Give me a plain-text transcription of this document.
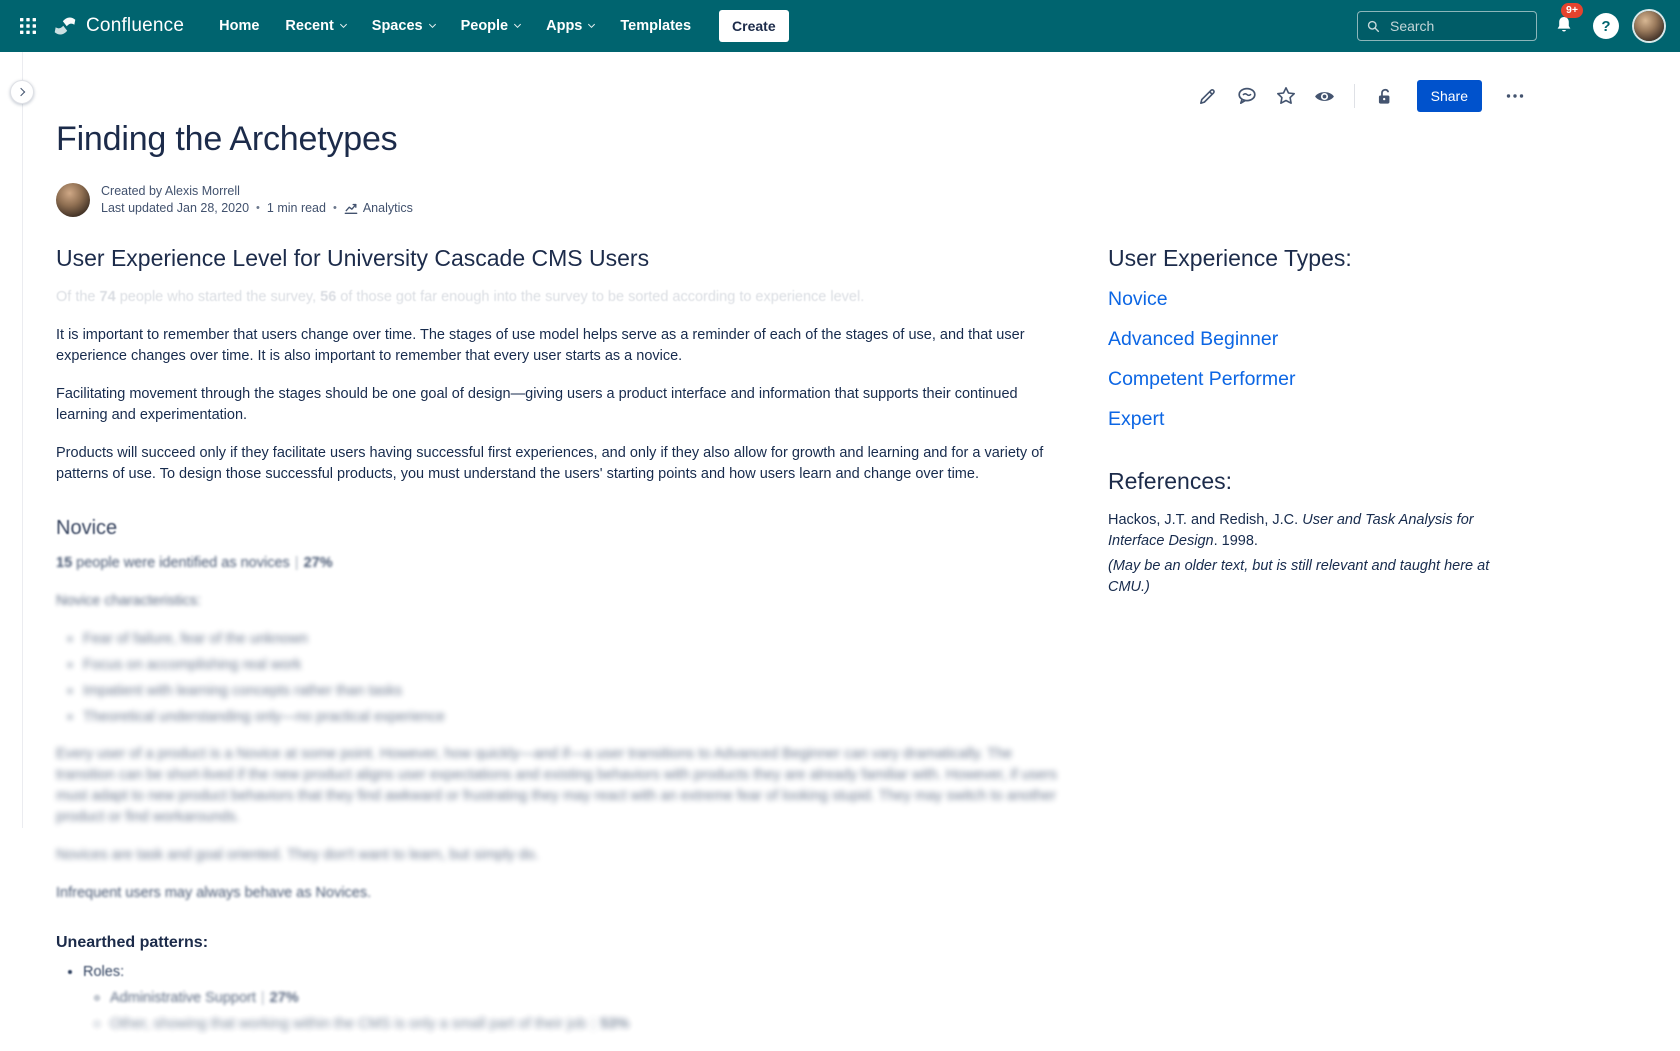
Confluence Home Recent	Spaces	People	Apps	Templates	Create
Search
9+
?
Share
Finding the Archetypes
Created by Alexis Morrell
Last updated Jan 28, 2020 • 1 min read • Analytics
User Experience Level for University Cascade CMS Users

Of the 74 people who started the survey, 56 of those got far enough into the survey to be sorted according to experience level.

It is important to remember that users change over time. The stages of use model helps serve as a reminder of each of the stages of use, and that user experience changes over time. It is also important to remember that every user starts as a novice.

Facilitating movement through the stages should be one goal of design—giving users a product interface and information that supports their continued learning and experimentation.

Products will succeed only if they facilitate users having successful first experiences, and only if they also allow for growth and learning and for a variety of patterns of use. To design those successful products, you must understand the users' starting points and how users learn and change over time.

Novice

15 people were identified as novices | 27%

Novice characteristics:

• Fear of failure, fear of the unknown
• Focus on accomplishing real work
• Impatient with learning concepts rather than tasks
• Theoretical understanding only—no practical experience

Every user of a product is a Novice at some point. However, how quickly—and if—a user transitions to Advanced Beginner can vary dramatically. The transition can be short-lived if the new product aligns user expectations and existing behaviors with products they are already familiar with. However, if users must adapt to new product behaviors that they find awkward or frustrating they may react with an extreme fear of looking stupid. They may switch to another product or find workarounds.

Novices are task and goal oriented. They don't want to learn, but simply do.

Infrequent users may always behave as Novices.

Unearthed patterns:
• Roles:
◦ Administrative Support | 27%
◦ Other, showing that working within the CMS is only a small part of their job | 53%
User Experience Types:
Novice
Advanced Beginner
Competent Performer
Expert
References:

Hackos, J.T. and Redish, J.C. User and Task Analysis for Interface Design. 1998.

(May be an older text, but is still relevant and taught here at CMU.)
